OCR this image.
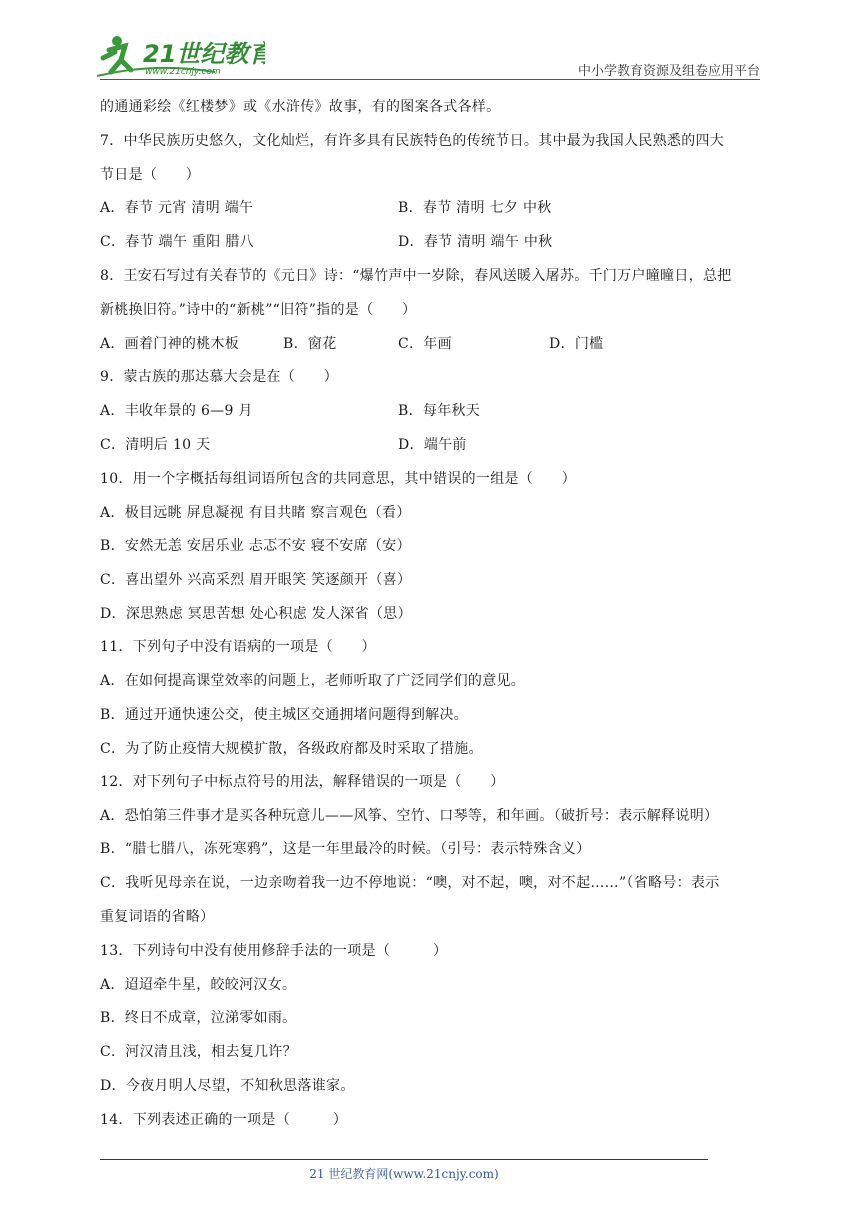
21世纪教育
www.21cnjy.com	中小学教育资源及组卷应用平台
的通通彩绘《红楼梦》或《水浒传》故事，有的图案各式各样。
7．中华民族历史悠久，文化灿烂，有许多具有民族特色的传统节日。其中最为我国人民熟悉的四大
节日是（　　）
A．春节 元宵 清明 端午	B．春节 清明 七夕 中秋
C．春节 端午 重阳 腊八	D．春节 清明 端午 中秋
8．王安石写过有关春节的《元日》诗：“爆竹声中一岁除，春风送暖入屠苏。千门万户曈曈日，总把
新桃换旧符。”诗中的“新桃”“旧符”指的是（　　）
A．画着门神的桃木板	B．窗花	C．年画	D．门槛
9．蒙古族的那达慕大会是在（　　）
A．丰收年景的 6—9 月	B．每年秋天
C．清明后 10 天	D．端午前
10．用一个字概括每组词语所包含的共同意思，其中错误的一组是（　　）
A．极目远眺 屏息凝视 有目共睹 察言观色（看）
B．安然无恙 安居乐业 忐忑不安 寝不安席（安）
C．喜出望外 兴高采烈 眉开眼笑 笑逐颜开（喜）
D．深思熟虑 冥思苦想 处心积虑 发人深省（思）
11．下列句子中没有语病的一项是（　　）
A．在如何提高课堂效率的问题上，老师听取了广泛同学们的意见。
B．通过开通快速公交，使主城区交通拥堵问题得到解决。
C．为了防止疫情大规模扩散，各级政府都及时采取了措施。
12．对下列句子中标点符号的用法，解释错误的一项是（　　）
A．恐怕第三件事才是买各种玩意儿——风筝、空竹、口琴等，和年画。（破折号：表示解释说明）
B．“腊七腊八，冻死寒鸦”，这是一年里最冷的时候。（引号：表示特殊含义）
C．我听见母亲在说，一边亲吻着我一边不停地说：“噢，对不起，噢，对不起……”（省略号：表示
重复词语的省略）
13．下列诗句中没有使用修辞手法的一项是（　　　）
A．迢迢牵牛星，皎皎河汉女。
B．终日不成章，泣涕零如雨。
C．河汉清且浅，相去复几许？
D．今夜月明人尽望，不知秋思落谁家。
14．下列表述正确的一项是（　　　）
21 世纪教育网(www.21cnjy.com)
